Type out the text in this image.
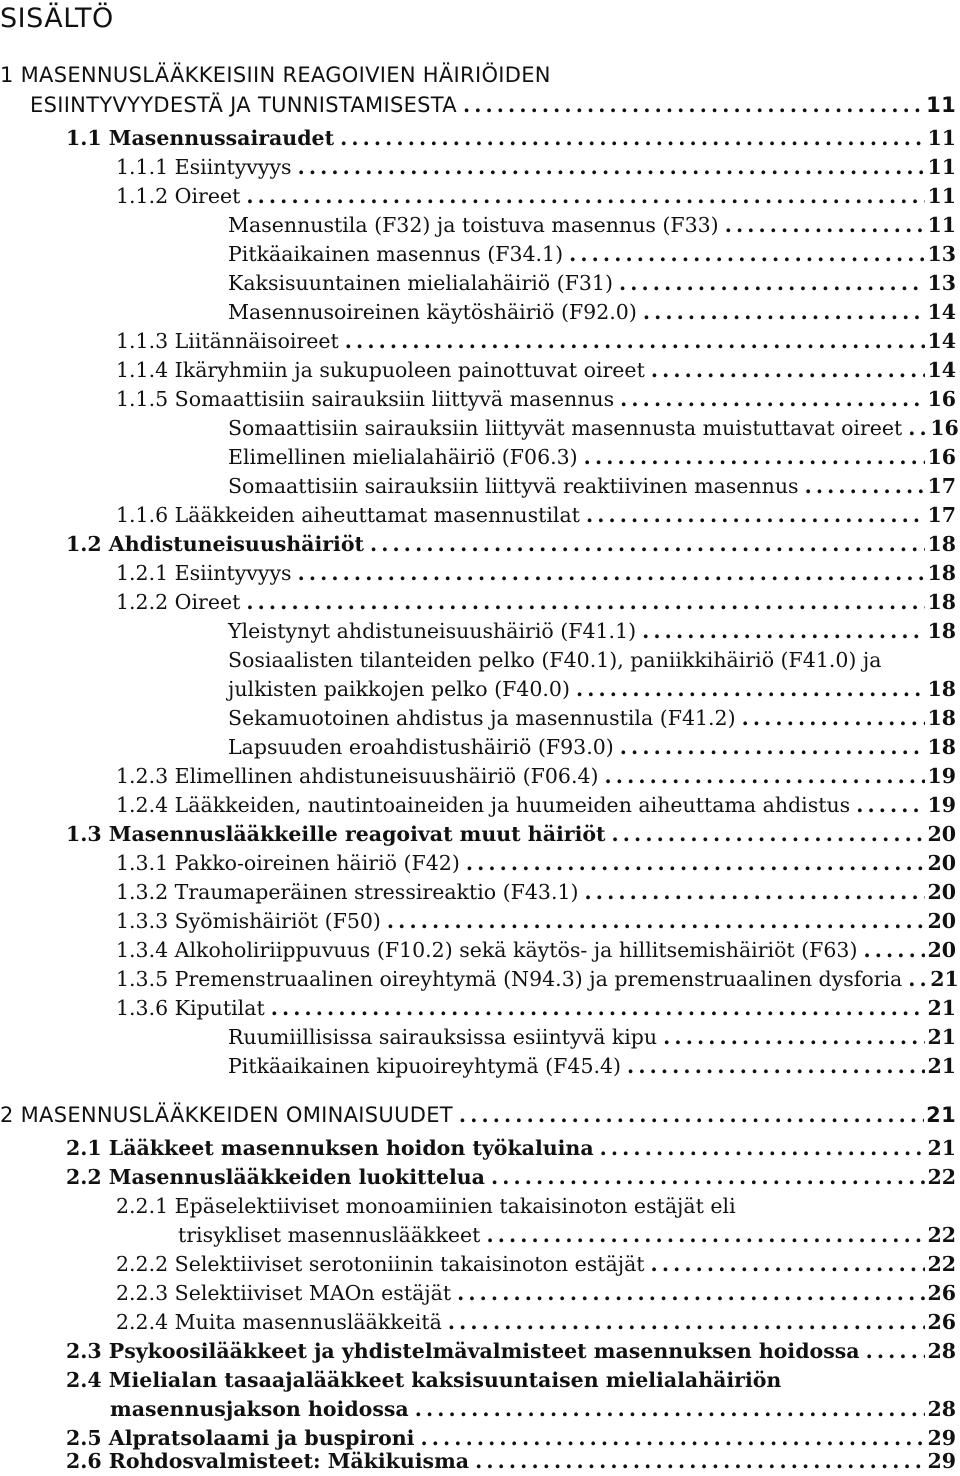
SISÄLTÖ
1 MASENNUSLÄÄKKEISIIN REAGOIVIEN HÄIRIÖIDEN
ESIINTYVYYDESTÄ JA TUNNISTAMISESTA . . .	11
1.1 Masennussairaudet . . .	11
1.1.1 Esiintyvyys . . .	11
1.1.2 Oireet . . .	11
Masennustila (F32) ja toistuva masennus (F33) . . .	11
Pitkäaikainen masennus (F34.1) . . .	13
Kaksisuuntainen mielialahäiriö (F31) . . .	13
Masennusoireinen käytöshäiriö (F92.0) . . .	14
1.1.3 Liitännäisoireet . . .	14
1.1.4 Ikäryhmiin ja sukupuoleen painottuvat oireet . . .	14
1.1.5 Somaattisiin sairauksiin liittyvä masennus . . .	16
Somaattisiin sairauksiin liittyvät masennusta muistuttavat oireet . . . 16
Elimellinen mielialahäiriö (F06.3) . . .	16
Somaattisiin sairauksiin liittyvä reaktiivinen masennus . . .	17
1.1.6 Lääkkeiden aiheuttamat masennustilat . . .	17
1.2 Ahdistuneisuushäiriöt . . .	18
1.2.1 Esiintyvyys . . .	18
1.2.2 Oireet . . .	18
Yleistynyt ahdistuneisuushäiriö (F41.1) . . .	18
Sosiaalisten tilanteiden pelko (F40.1), paniikkihäiriö (F41.0) ja
julkisten paikkojen pelko (F40.0) . . .	18
Sekamuotoinen ahdistus ja masennustila (F41.2) . . .	18
Lapsuuden eroahdistushäiriö (F93.0) . . .	18
1.2.3 Elimellinen ahdistuneisuushäiriö (F06.4) . . .	19
1.2.4 Lääkkeiden, nautintoaineiden ja huumeiden aiheuttama ahdistus . . .	19
1.3 Masennuslääkkeille reagoivat muut häiriöt . . .	20
1.3.1 Pakko-oireinen häiriö (F42) . . .	20
1.3.2 Traumaperäinen stressireaktio (F43.1) . . .	20
1.3.3 Syömishäiriöt (F50) . . .	20
1.3.4 Alkoholiriippuvuus (F10.2) sekä käytös- ja hillitsemishäiriöt (F63) . . .	20
1.3.5 Premenstruaalinen oireyhtymä (N94.3) ja premenstruaalinen dysforia . . . 21
1.3.6 Kiputilat . . .	21
Ruumiillisissa sairauksissa esiintyvä kipu . . .	21
Pitkäaikainen kipuoireyhtymä (F45.4) . . .	21
2 MASENNUSLÄÄKKEIDEN OMINAISUUDET . . .	21
2.1 Lääkkeet masennuksen hoidon työkaluina . . .	21
2.2 Masennuslääkkeiden luokittelua . . .	22
2.2.1 Epäselektiiviset monoamiinien takaisinoton estäjät eli
trisykliset masennuslääkkeet . . .	22
2.2.2 Selektiiviset serotoniinin takaisinoton estäjät . . .	22
2.2.3 Selektiiviset MAOn estäjät . . .	26
2.2.4 Muita masennuslääkkeitä . . .	26
2.3 Psykoosilääkkeet ja yhdistelmävalmisteet masennuksen hoidossa . . .	28
2.4 Mielialan tasaajalääkkeet kaksisuuntaisen mielialahäiriön
masennusjakson hoidossa . . .	28
2.5 Alpratsolaami ja buspironi . . .	29
2.6 Rohdosvalmisteet: Mäkikuisma . . .	29
